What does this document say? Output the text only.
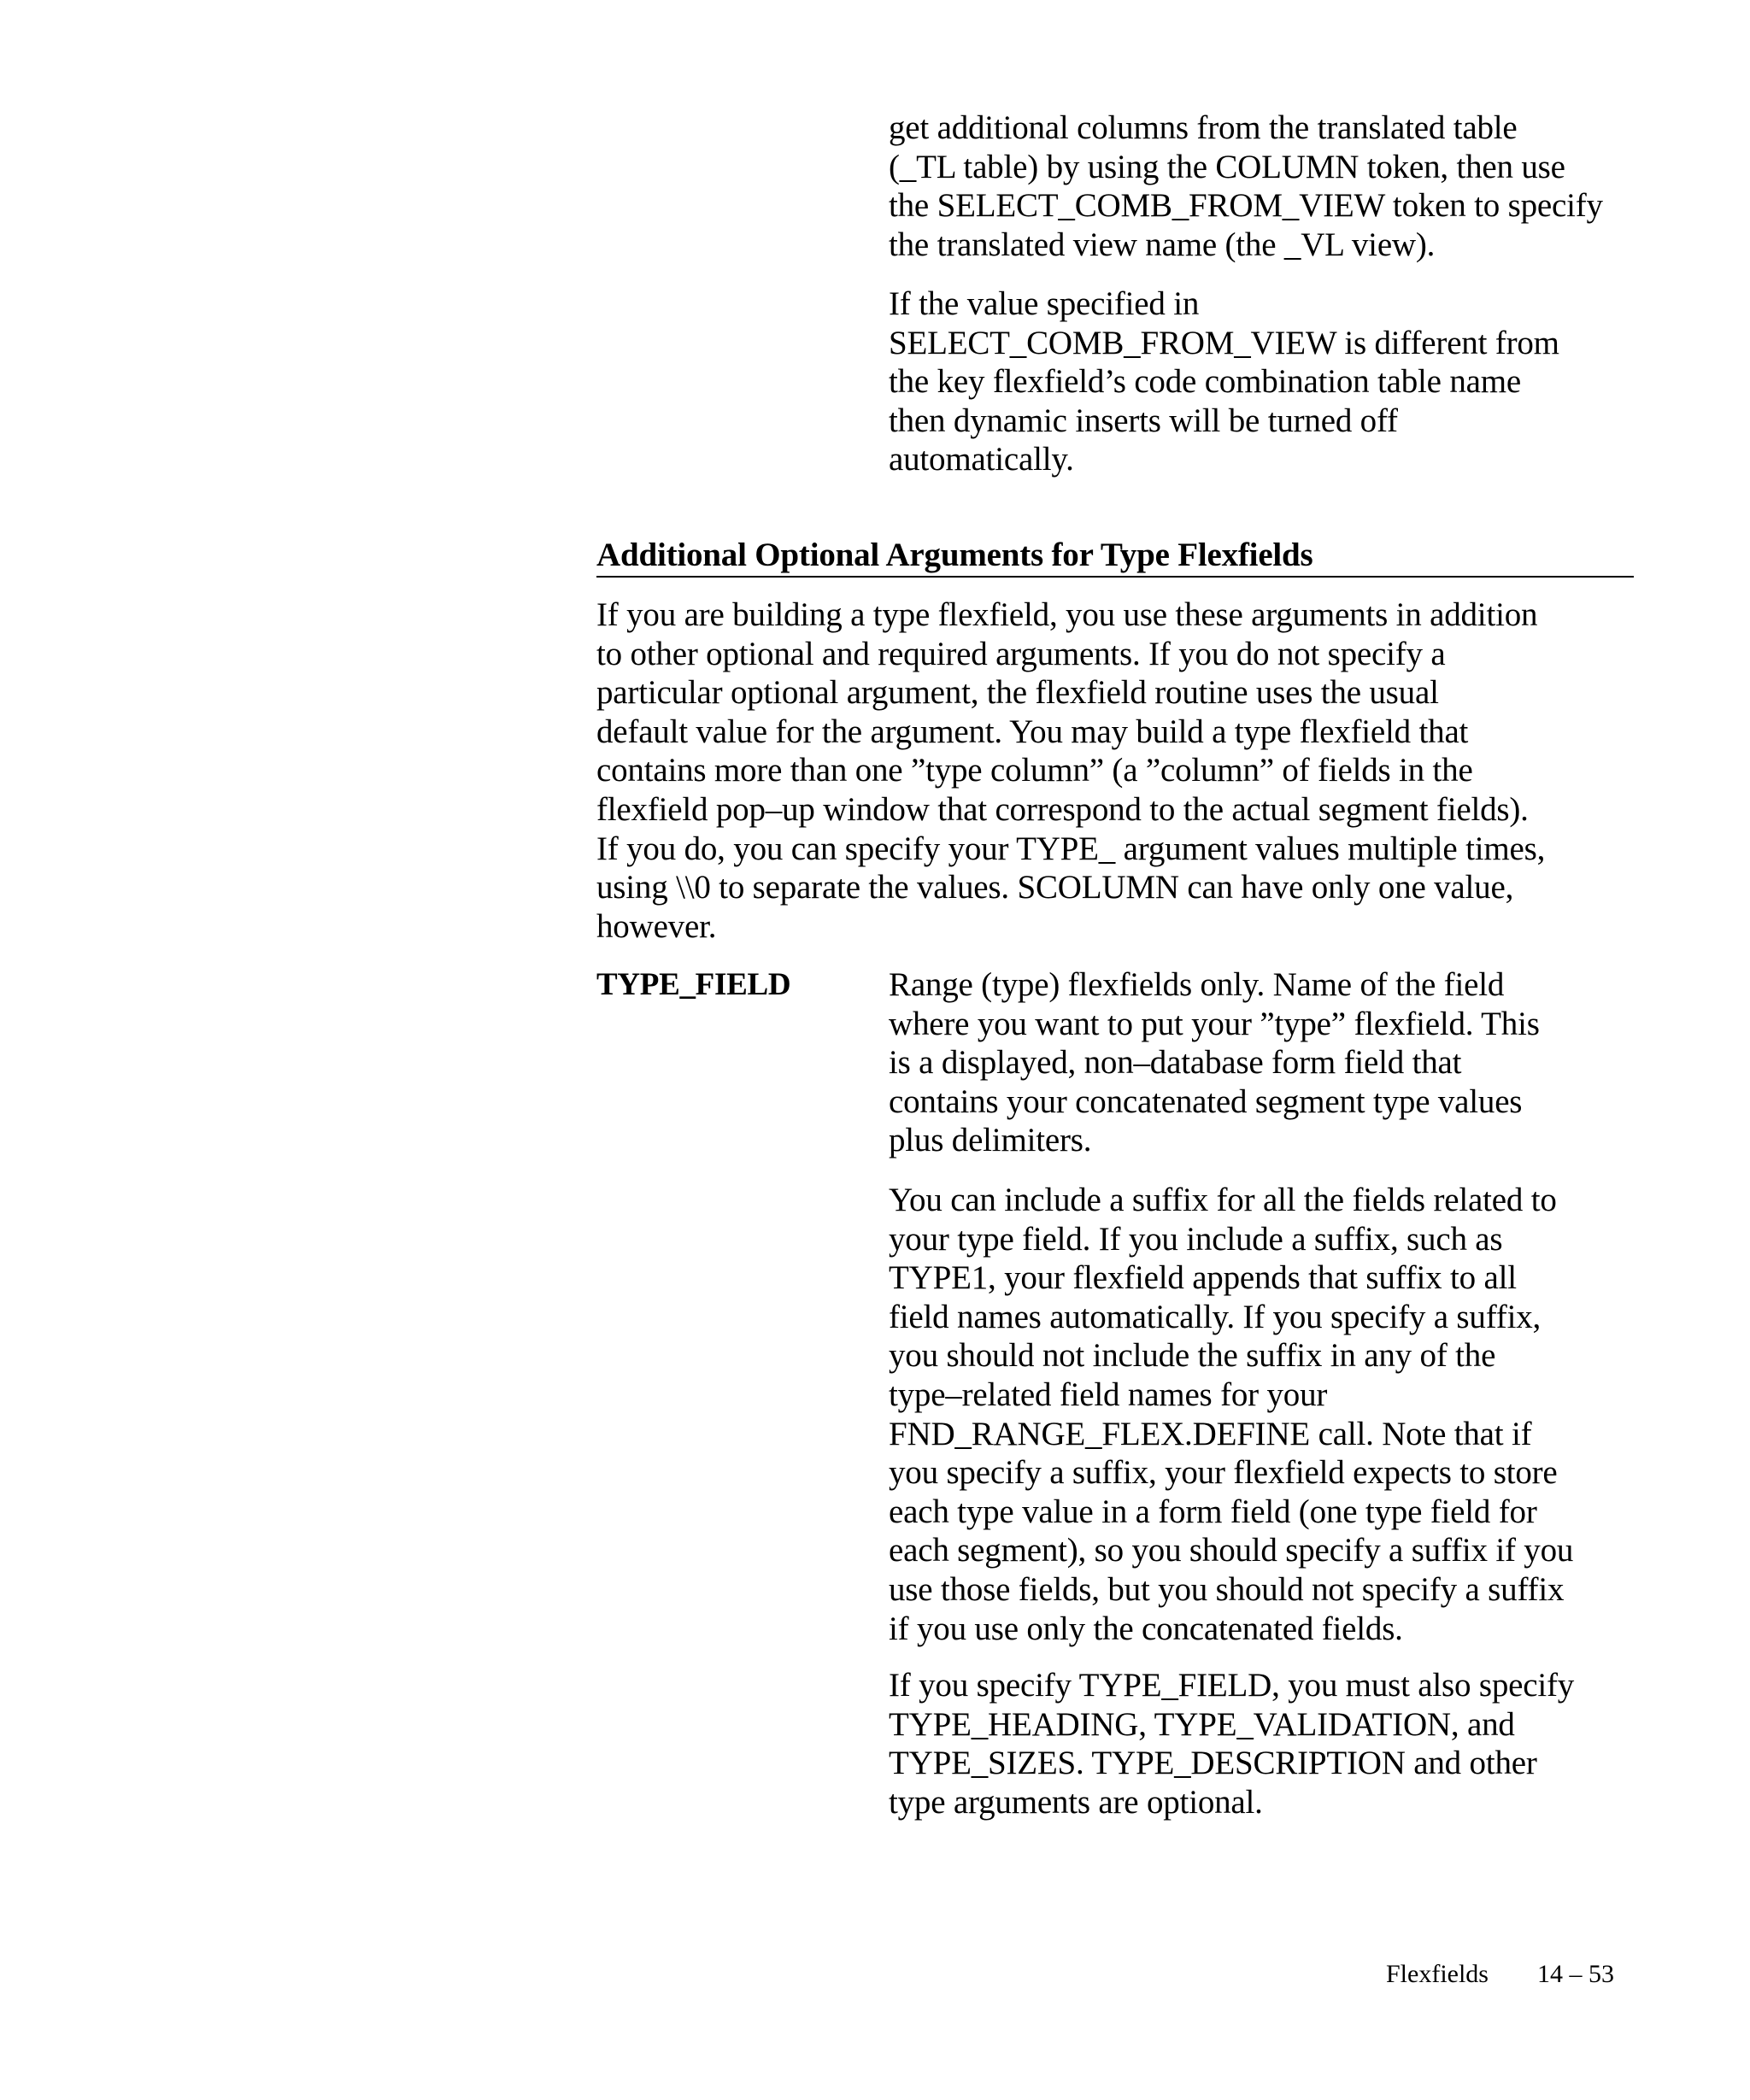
get additional columns from the translated table
(_TL table) by using the COLUMN token, then use
the SELECT_COMB_FROM_VIEW token to specify
the translated view name (the _VL view).
If the value specified in
SELECT_COMB_FROM_VIEW is different from
the key flexfield’s code combination table name
then dynamic inserts will be turned off
automatically.
Additional Optional Arguments for Type Flexfields
If you are building a type flexfield, you use these arguments in addition
to other optional and required arguments. If you do not specify a
particular optional argument, the flexfield routine uses the usual
default value for the argument. You may build a type flexfield that
contains more than one ”type column” (a ”column” of fields in the
flexfield pop–up window that correspond to the actual segment fields).
If you do, you can specify your TYPE_ argument values multiple times,
using \\0 to separate the values. SCOLUMN can have only one value,
however.
TYPE_FIELD	Range (type) flexfields only. Name of the field
where you want to put your ”type” flexfield. This
is a displayed, non–database form field that
contains your concatenated segment type values
plus delimiters.
You can include a suffix for all the fields related to
your type field. If you include a suffix, such as
TYPE1, your flexfield appends that suffix to all
field names automatically. If you specify a suffix,
you should not include the suffix in any of the
type–related field names for your
FND_RANGE_FLEX.DEFINE call. Note that if
you specify a suffix, your flexfield expects to store
each type value in a form field (one type field for
each segment), so you should specify a suffix if you
use those fields, but you should not specify a suffix
if you use only the concatenated fields.
If you specify TYPE_FIELD, you must also specify
TYPE_HEADING, TYPE_VALIDATION, and
TYPE_SIZES. TYPE_DESCRIPTION and other
type arguments are optional.
Flexfields 14 – 53
